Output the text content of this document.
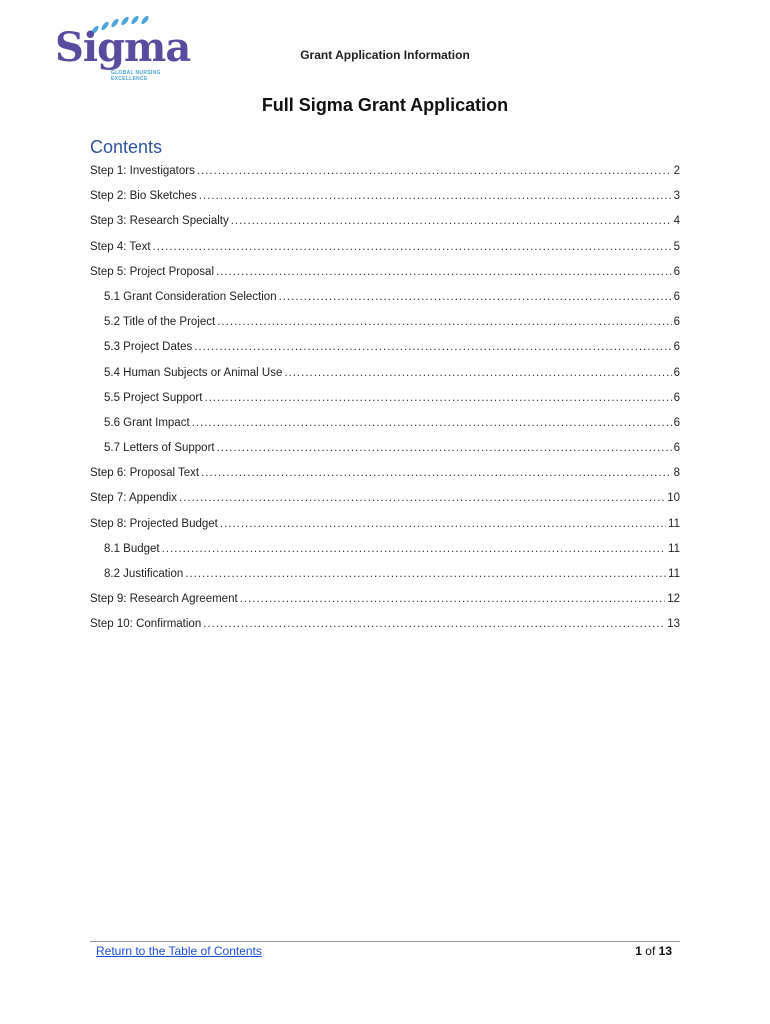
Sigma
GLOBAL NURSING
EXCELLENCE
Grant Application Information
Full Sigma Grant Application
Contents
Step 1: Investigators .....	2
Step 2: Bio Sketches .....	3
Step 3: Research Specialty .....	4
Step 4: Text .....	5
Step 5: Project Proposal .....	6
5.1 Grant Consideration Selection .....	6
5.2 Title of the Project .....	6
5.3 Project Dates .....	6
5.4 Human Subjects or Animal Use .....	6
5.5 Project Support .....	6
5.6 Grant Impact .....	6
5.7 Letters of Support .....	6
Step 6: Proposal Text .....	8
Step 7: Appendix .....	10
Step 8: Projected Budget .....	11
8.1 Budget .....	11
8.2 Justification .....	11
Step 9: Research Agreement .....	12
Step 10: Confirmation .....	13
Return to the Table of Contents	1 of 13
